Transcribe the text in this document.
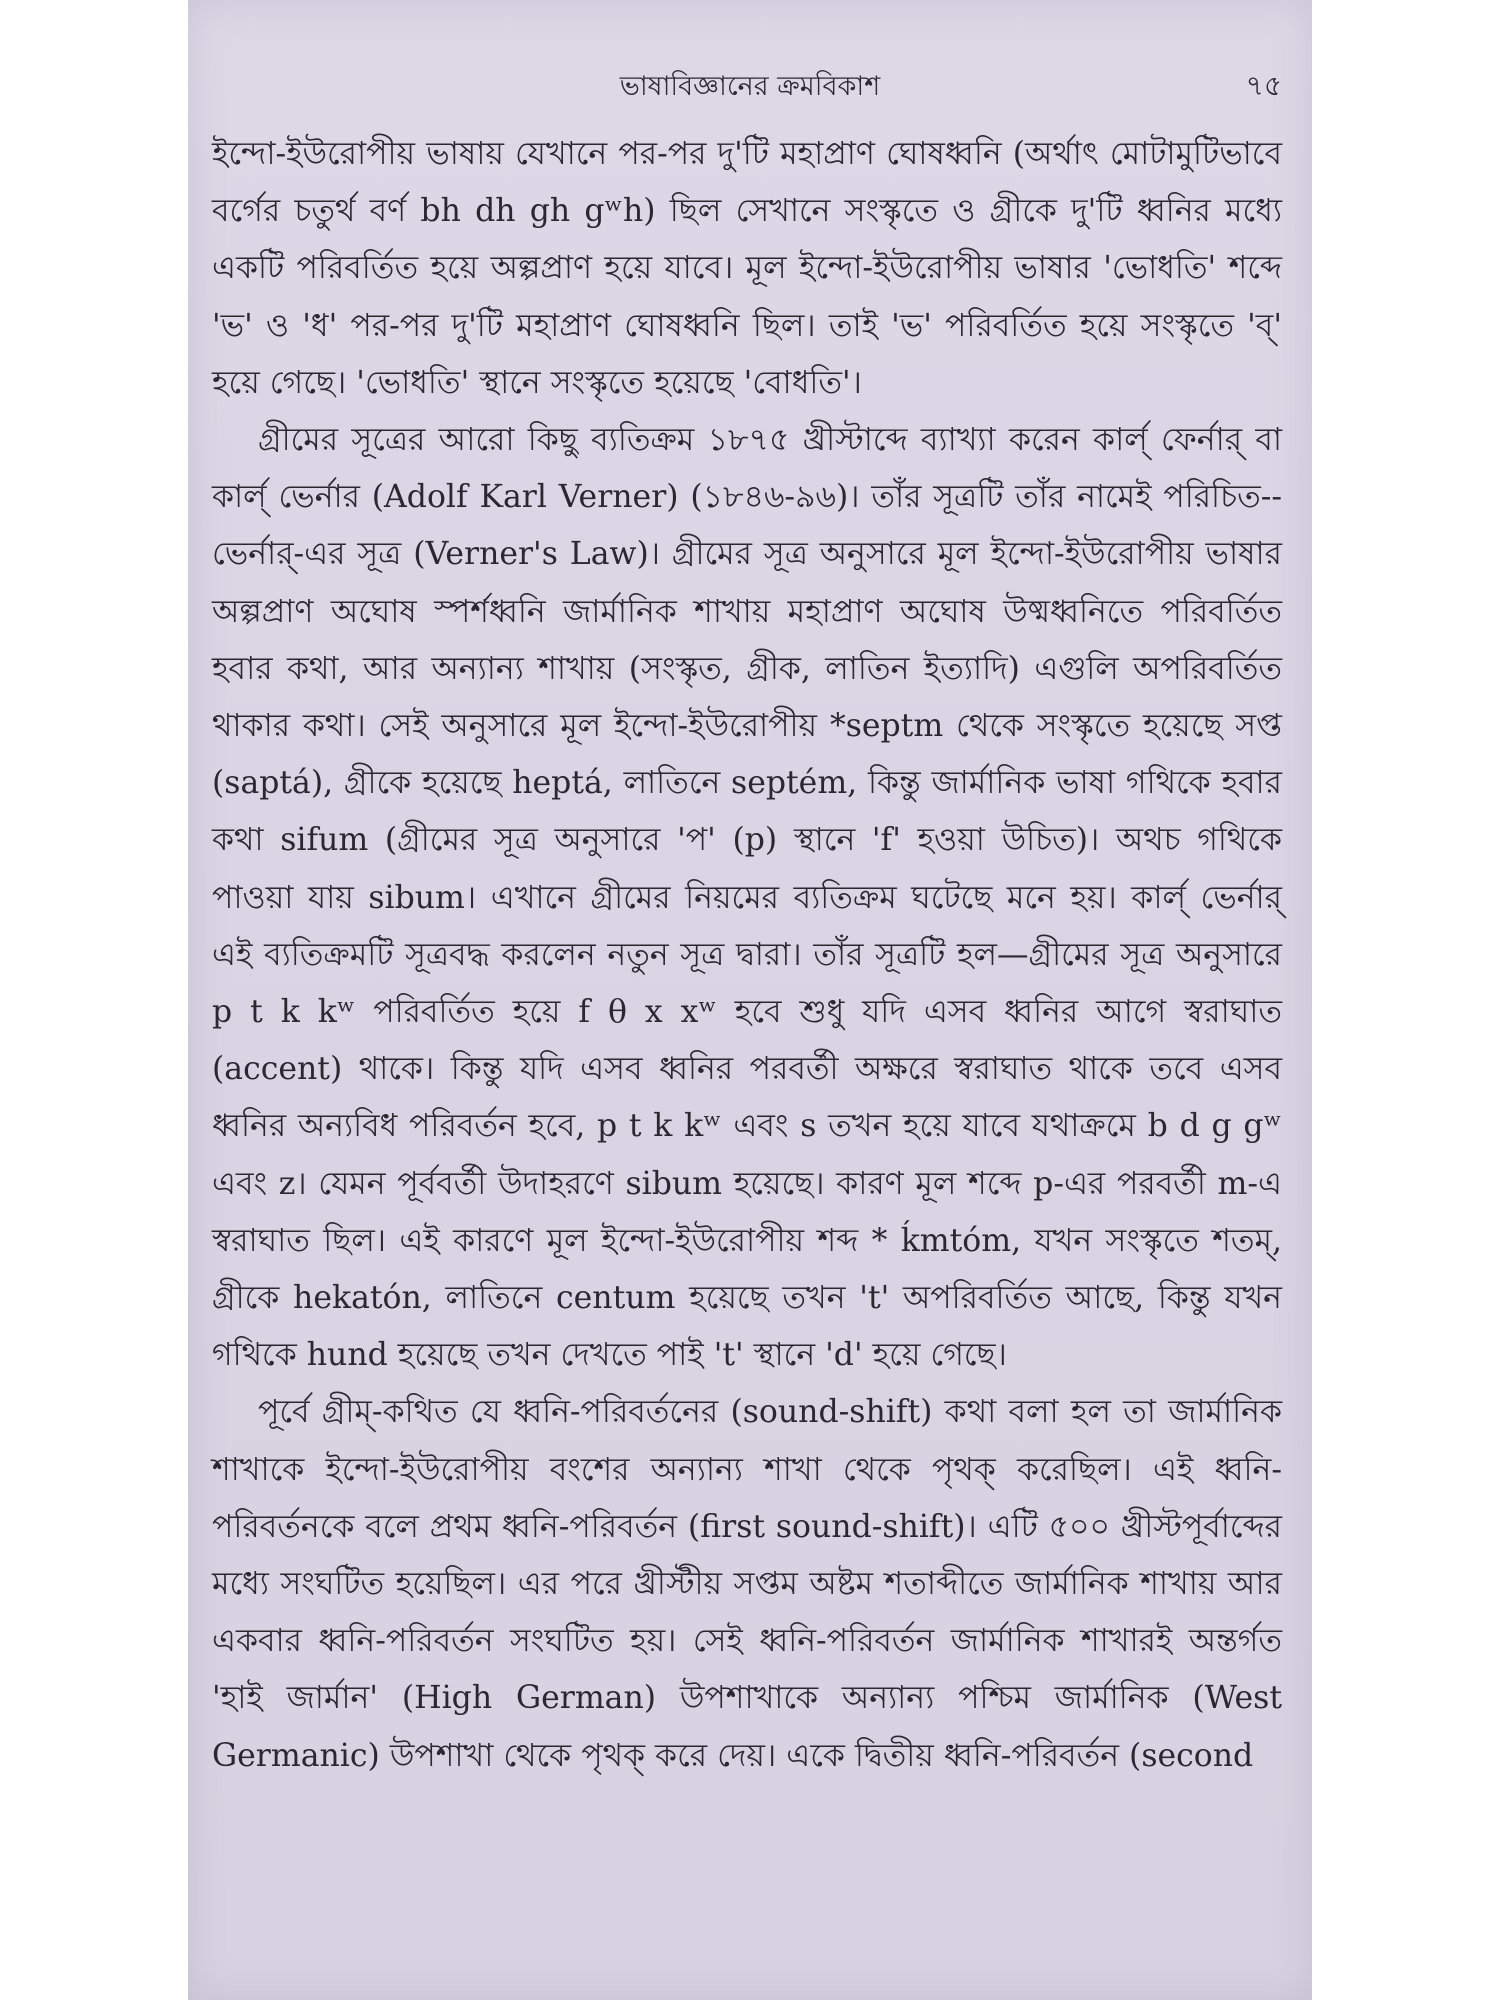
ভাষাবিজ্ঞানের ক্রমবিকাশ	৭৫

ইন্দো-ইউরোপীয় ভাষায় যেখানে পর-পর দু'টি মহাপ্রাণ ঘোষধ্বনি (অর্থাৎ মোটামুটিভাবে বর্গের চতুর্থ বর্ণ bh dh gh gʷh) ছিল সেখানে সংস্কৃতে ও গ্রীকে দু'টি ধ্বনির মধ্যে একটি পরিবর্তিত হয়ে অল্পপ্রাণ হয়ে যাবে। মূল ইন্দো-ইউরোপীয় ভাষার 'ভোধতি' শব্দে 'ভ' ও 'ধ' পর-পর দু'টি মহাপ্রাণ ঘোষধ্বনি ছিল। তাই 'ভ' পরিবর্তিত হয়ে সংস্কৃতে 'ব্' হয়ে গেছে। 'ভোধতি' স্থানে সংস্কৃতে হয়েছে 'বোধতি'।

গ্রীমের সূত্রের আরো কিছু ব্যতিক্রম ১৮৭৫ খ্রীস্টাব্দে ব্যাখ্যা করেন কার্ল্ ফের্নার্ বা কার্ল্ ভের্নার (Adolf Karl Verner) (১৮৪৬-৯৬)। তাঁর সূত্রটি তাঁর নামেই পরিচিত--ভের্নার্-এর সূত্র (Verner's Law)। গ্রীমের সূত্র অনুসারে মূল ইন্দো-ইউরোপীয় ভাষার অল্পপ্রাণ অঘোষ স্পর্শধ্বনি জার্মানিক শাখায় মহাপ্রাণ অঘোষ উষ্মধ্বনিতে পরিবর্তিত হবার কথা, আর অন্যান্য শাখায় (সংস্কৃত, গ্রীক, লাতিন ইত্যাদি) এগুলি অপরিবর্তিত থাকার কথা। সেই অনুসারে মূল ইন্দো-ইউরোপীয় *septm থেকে সংস্কৃতে হয়েছে সপ্ত (saptá), গ্রীকে হয়েছে heptá, লাতিনে septém, কিন্তু জার্মানিক ভাষা গথিকে হবার কথা sifum (গ্রীমের সূত্র অনুসারে 'প' (p) স্থানে 'f' হওয়া উচিত)। অথচ গথিকে পাওয়া যায় sibum। এখানে গ্রীমের নিয়মের ব্যতিক্রম ঘটেছে মনে হয়। কার্ল্ ভের্নার্ এই ব্যতিক্রমটি সূত্রবদ্ধ করলেন নতুন সূত্র দ্বারা। তাঁর সূত্রটি হল—গ্রীমের সূত্র অনুসারে p t k kʷ পরিবর্তিত হয়ে f θ x xʷ হবে শুধু যদি এসব ধ্বনির আগে স্বরাঘাত (accent) থাকে। কিন্তু যদি এসব ধ্বনির পরবর্তী অক্ষরে স্বরাঘাত থাকে তবে এসব ধ্বনির অন্যবিধ পরিবর্তন হবে, p t k kʷ এবং s তখন হয়ে যাবে যথাক্রমে b d g gʷ এবং z। যেমন পূর্ববর্তী উদাহরণে sibum হয়েছে। কারণ মূল শব্দে p-এর পরবর্তী m-এ স্বরাঘাত ছিল। এই কারণে মূল ইন্দো-ইউরোপীয় শব্দ * ḱmtóm, যখন সংস্কৃতে শতম্, গ্রীকে hekatón, লাতিনে centum হয়েছে তখন 't' অপরিবর্তিত আছে, কিন্তু যখন গথিকে hund হয়েছে তখন দেখতে পাই 't' স্থানে 'd' হয়ে গেছে।

পূর্বে গ্রীম্-কথিত যে ধ্বনি-পরিবর্তনের (sound-shift) কথা বলা হল তা জার্মানিক শাখাকে ইন্দো-ইউরোপীয় বংশের অন্যান্য শাখা থেকে পৃথক্ করেছিল। এই ধ্বনি-পরিবর্তনকে বলে প্রথম ধ্বনি-পরিবর্তন (first sound-shift)। এটি ৫০০ খ্রীস্টপূর্বাব্দের মধ্যে সংঘটিত হয়েছিল। এর পরে খ্রীস্টীয় সপ্তম অষ্টম শতাব্দীতে জার্মানিক শাখায় আর একবার ধ্বনি-পরিবর্তন সংঘটিত হয়। সেই ধ্বনি-পরিবর্তন জার্মানিক শাখারই অন্তর্গত 'হাই জার্মান' (High German) উপশাখাকে অন্যান্য পশ্চিম জার্মানিক (West Germanic) উপশাখা থেকে পৃথক্ করে দেয়। একে দ্বিতীয় ধ্বনি-পরিবর্তন (second
